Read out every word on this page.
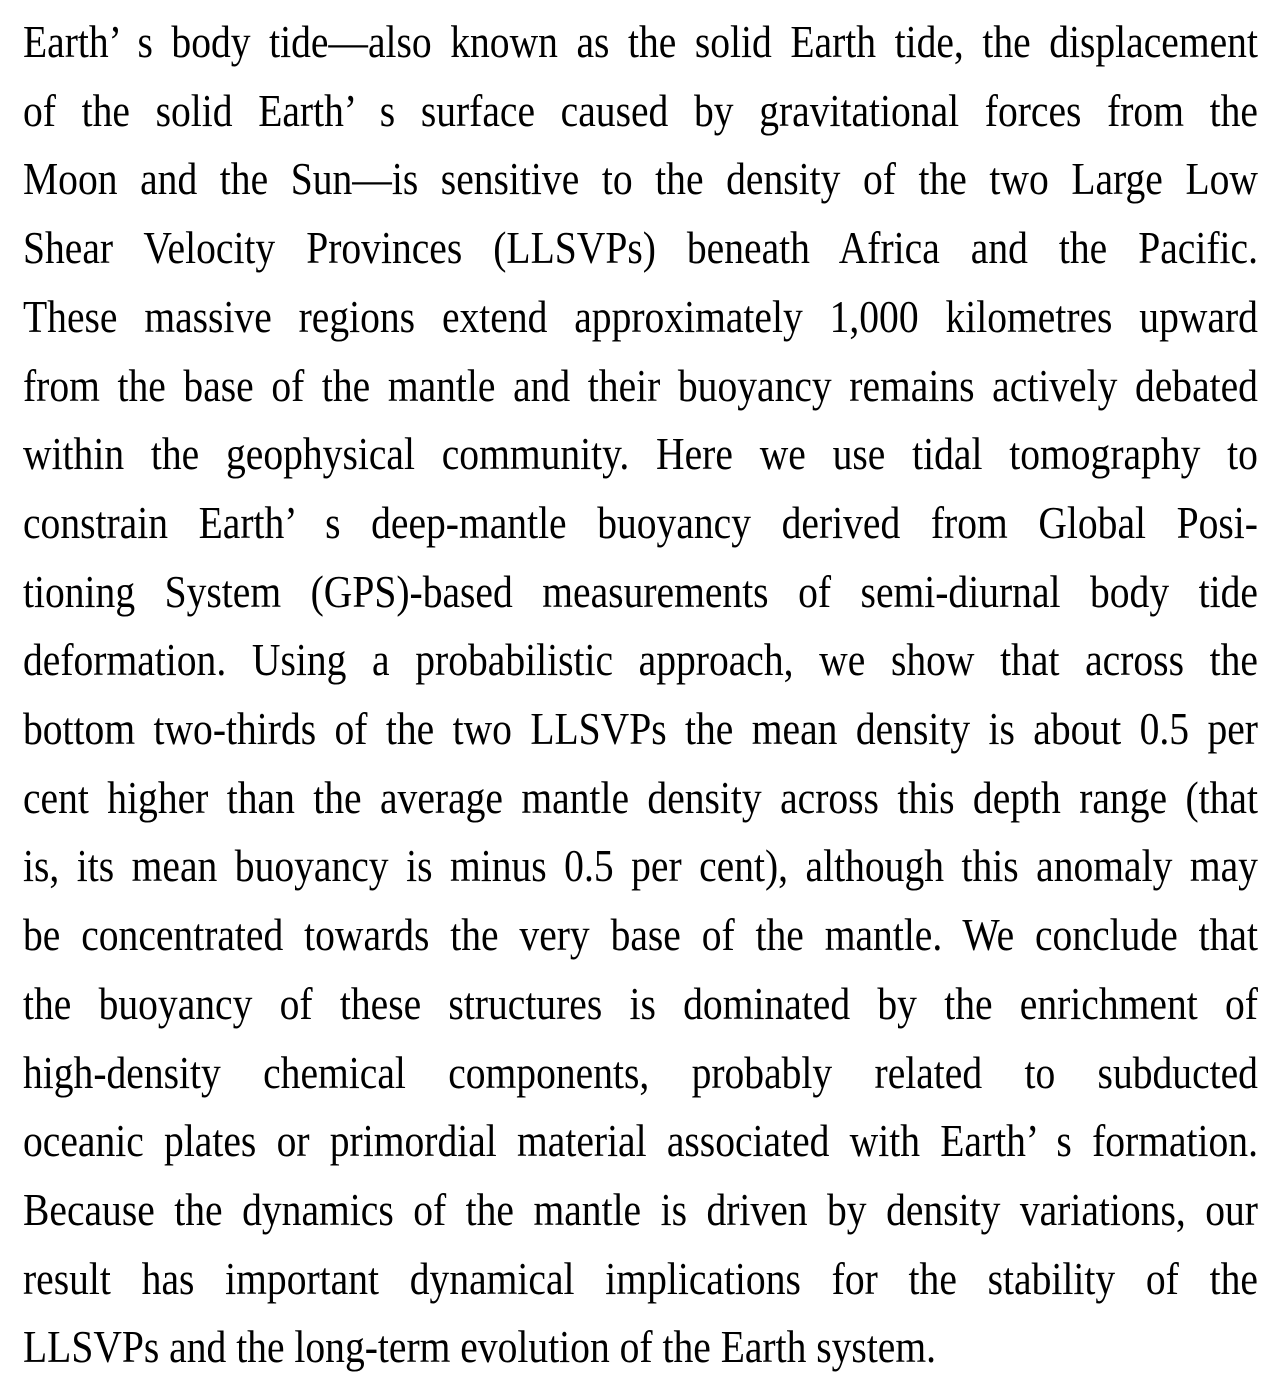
Earth’ s body tide—also known as the solid Earth tide, the displacement
of the solid Earth’ s surface caused by gravitational forces from the
Moon and the Sun—is sensitive to the density of the two Large Low
Shear Velocity Provinces (LLSVPs) beneath Africa and the Pacific.
These massive regions extend approximately 1,000 kilometres upward
from the base of the mantle and their buoyancy remains actively debated
within the geophysical community. Here we use tidal tomography to
constrain Earth’ s deep-mantle buoyancy derived from Global Posi-
tioning System (GPS)-based measurements of semi-diurnal body tide
deformation. Using a probabilistic approach, we show that across the
bottom two-thirds of the two LLSVPs the mean density is about 0.5 per
cent higher than the average mantle density across this depth range (that
is, its mean buoyancy is minus 0.5 per cent), although this anomaly may
be concentrated towards the very base of the mantle. We conclude that
the buoyancy of these structures is dominated by the enrichment of
high-density chemical components, probably related to subducted
oceanic plates or primordial material associated with Earth’ s formation.
Because the dynamics of the mantle is driven by density variations, our
result has important dynamical implications for the stability of the
LLSVPs and the long-term evolution of the Earth system.
